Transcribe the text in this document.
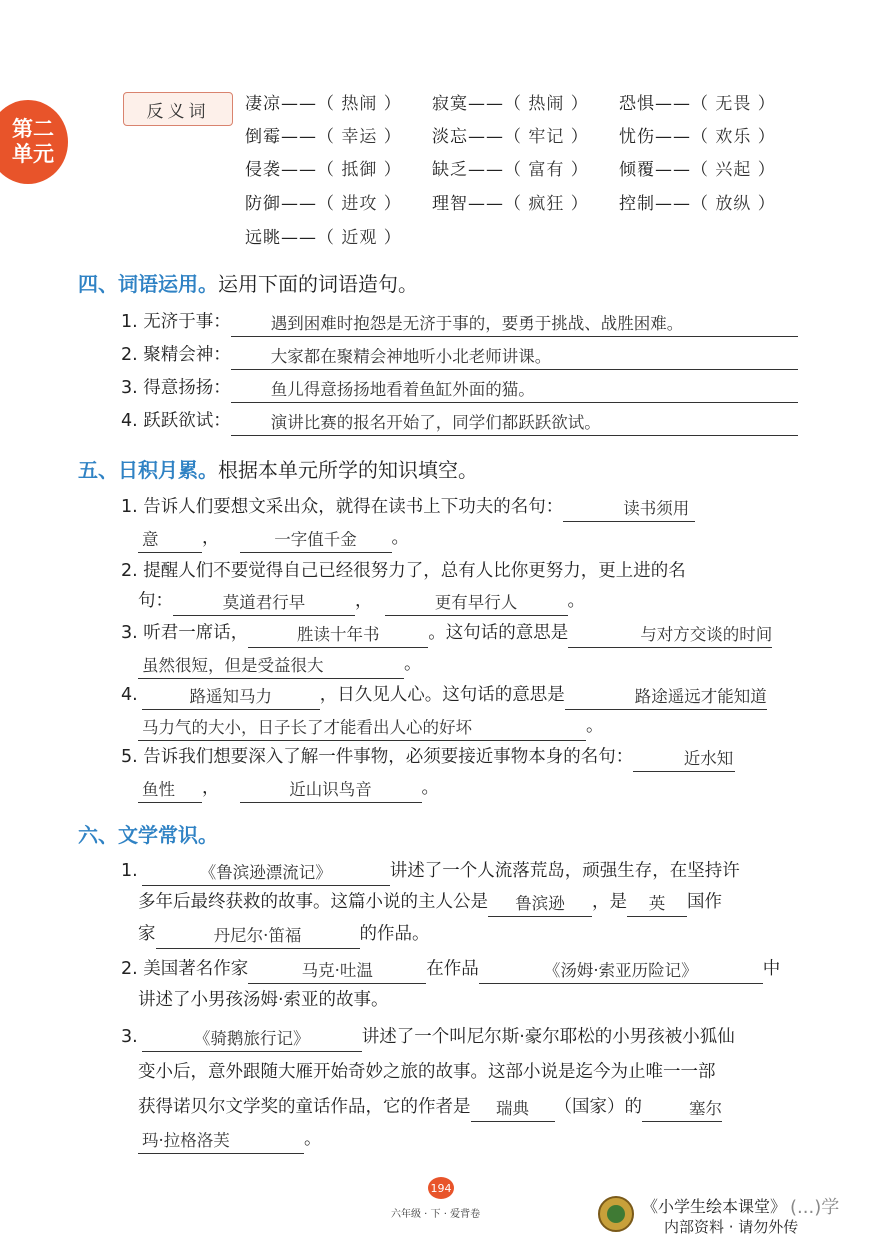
第二
单元
反义词	凄凉——（ 热闹 ） 寂寞——（ 热闹 ） 恐惧——（ 无畏 ）
倒霉——（ 幸运 ） 淡忘——（ 牢记 ） 忧伤——（ 欢乐 ）
侵袭——（ 抵御 ） 缺乏——（ 富有 ） 倾覆——（ 兴起 ）
防御——（ 进攻 ） 理智——（ 疯狂 ） 控制——（ 放纵 ）
远眺——（ 近观 ）
四、词语运用。运用下面的词语造句。
1. 无济于事： 遇到困难时抱怨是无济于事的，要勇于挑战、战胜困难。
2. 聚精会神： 大家都在聚精会神地听小北老师讲课。
3. 得意扬扬： 鱼儿得意扬扬地看着鱼缸外面的猫。
4. 跃跃欲试： 演讲比赛的报名开始了，同学们都跃跃欲试。
五、日积月累。根据本单元所学的知识填空。
1. 告诉人们要想文采出众，就得在读书上下功夫的名句：	读书须用
意 ，	一字值千金 。
2. 提醒人们不要觉得自己已经很努力了，总有人比你更努力，更上进的名
句：	莫道君行早	，	更有早行人	。
3. 听君一席话，	胜读十年书	。这句话的意思是	与对方交谈的时间
虽然很短，但是受益很大	。
4.	路遥知马力	，日久见人心。这句话的意思是	路途遥远才能知道
马力气的大小，日子长了才能看出人心的好坏	。
5. 告诉我们想要深入了解一件事物，必须要接近事物本身的名句：	近水知
鱼性 ，	近山识鸟音	。
六、文学常识。
1.	《鲁滨逊漂流记》	讲述了一个人流落荒岛，顽强生存，在坚持许
多年后最终获救的故事。这篇小说的主人公是 鲁滨逊 ，是 英 国作
家	丹尼尔·笛福	的作品。
2. 美国著名作家	马克·吐温	在作品	《汤姆·索亚历险记》	中
讲述了小男孩汤姆·索亚的故事。
3.	《骑鹅旅行记》	讲述了一个叫尼尔斯·豪尔耶松的小男孩被小狐仙
变小后，意外跟随大雁开始奇妙之旅的故事。这部小说是迄今为止唯一一部
获得诺贝尔文学奖的童话作品，它的作者是 瑞典 （国家）的	塞尔
玛·拉格洛芙	。
194
六年级 · 下 · 爱背卷	《小学生绘本课堂》
内部资料 · 请勿外传
(...)学
